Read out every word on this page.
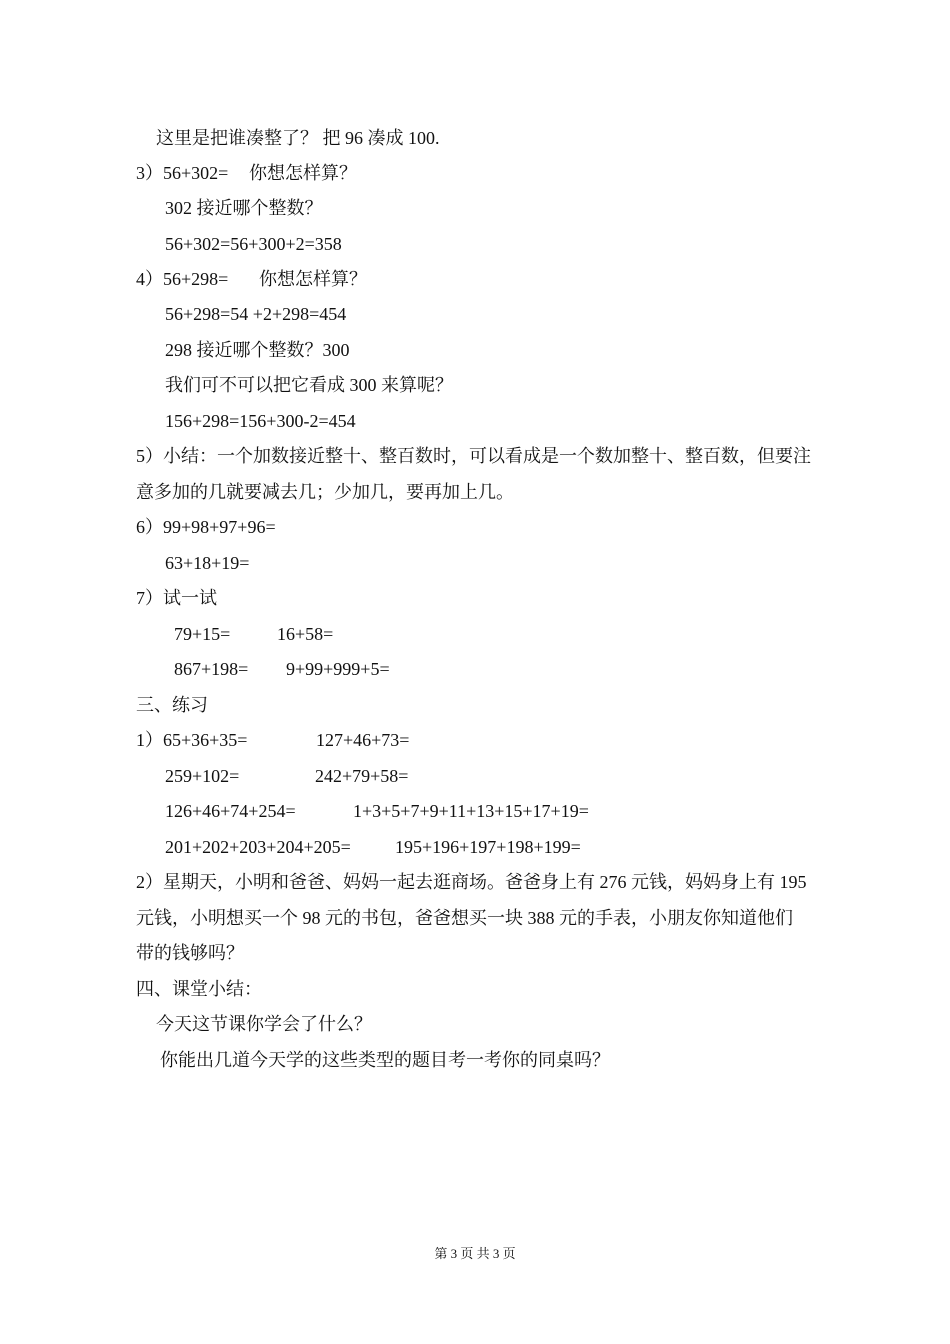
这里是把谁凑整了？ 把 96 凑成 100.
3）56+302= 你想怎样算？
302 接近哪个整数？
56+302=56+300+2=358
4）56+298= 你想怎样算？
56+298=54 +2+298=454
298 接近哪个整数？300
我们可不可以把它看成 300 来算呢？
156+298=156+300-2=454
5）小结：一个加数接近整十、整百数时，可以看成是一个数加整十、整百数，但要注
意多加的几就要减去几；少加几，要再加上几。
6）99+98+97+96=
63+18+19=
7）试一试
79+15=	16+58=
867+198= 9+99+999+5=
三、练习
1）65+36+35=	127+46+73=
259+102=	242+79+58=
126+46+74+254=	1+3+5+7+9+11+13+15+17+19=
201+202+203+204+205= 195+196+197+198+199=
2）星期天，小明和爸爸、妈妈一起去逛商场。爸爸身上有 276 元钱，妈妈身上有 195
元钱，小明想买一个 98 元的书包，爸爸想买一块 388 元的手表，小朋友你知道他们
带的钱够吗？
四、课堂小结：
今天这节课你学会了什么？
你能出几道今天学的这些类型的题目考一考你的同桌吗？
第 3 页 共 3 页
